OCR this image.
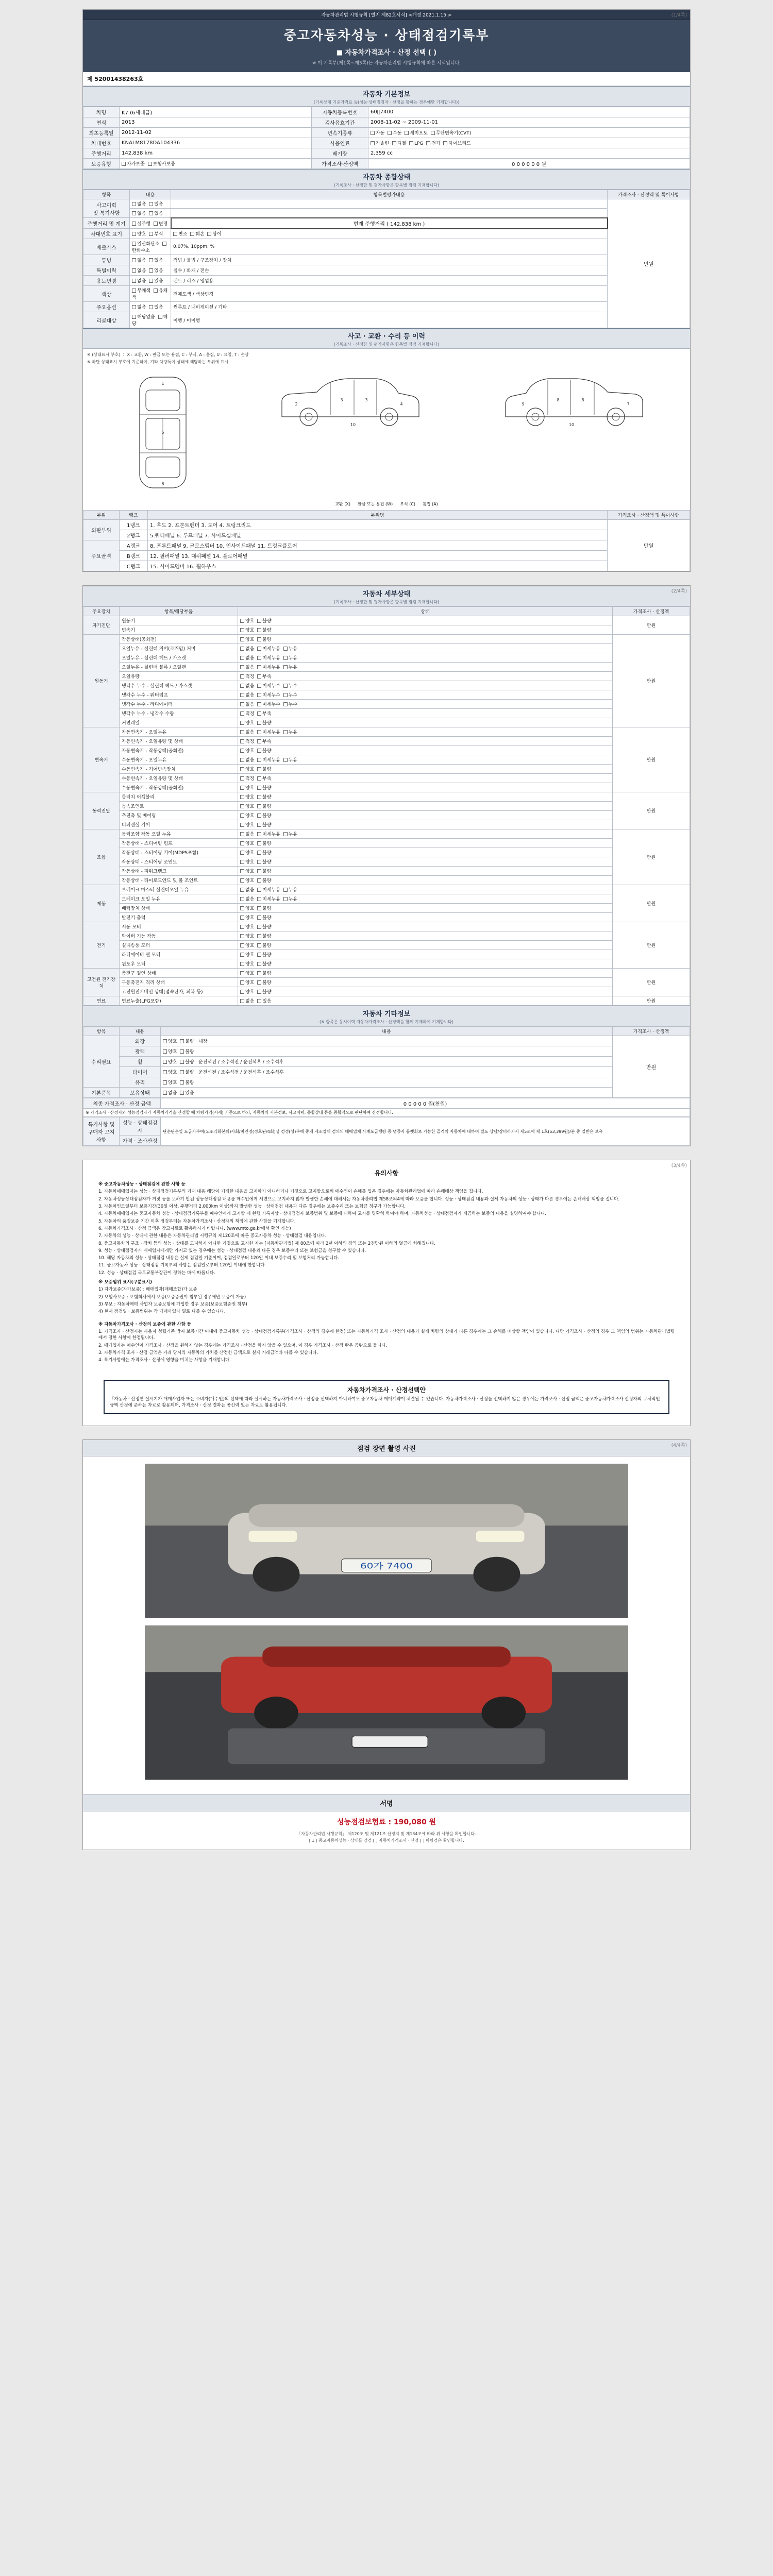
(1/4쪽)
자동차관리법 시행규칙 [별지 제82호서식] <개정 2021.1.15.>
중고자동차성능 · 상태점검기록부
■ 자동차가격조사 · 산정 선택 ( )
※ 이 기록부(제1쪽~제3쪽)는 자동차관리법 시행규칙에 따른 서식입니다.
제 52001438263호
자동차 기본정보
(기록상태 기준가격표 등(성능·상태점검자 · 산정을 함하는 경우에만 기재합니다))
차명	K7 (6세대급)	자동차등록번호	60⃞7400
연식	2013	검사유효기간	2008-11-02 ~ 2009-11-01
최초등록일	2012-11-02	변속기종류	자동 수동 세미오토 무단변속기(CVT)
차대번호	KNALM8178DA104336	사용연료	가솔린 디젤 LPG 전기 하이브리드
주행거리	142,838 km	배기량	2,359 cc
보증유형	자가보증  보험사보증	가격조사·산정액	0 0 0 0 0 0 원
자동차 종합상태
(기록조사 · 산정한 및 평가사항은 항목별 점검 기재합니다)
항목	내용	항목별평가내용	가격조사 · 산정액 및 특이사항
사고이력
및 특기사항	없음  있음		만원
	없음  있음		
주행거리 및 계기	실주행  변경	현재 주행거리 ( 142,838 km )	
차대번호 표기	양호  부식	변조  훼손  상이	
배출가스	일산화탄소  탄화수소	0.07%, 10ppm, %	
튜닝	없음  있음	적법 / 불법 / 구조장치 / 장치	
특별이력	없음  있음	침수 / 화재 / 전손	
용도변경	없음  있음	렌트 / 리스 / 영업용	
색상	무채색  유채색	전체도색 / 색상변경	
주요옵션	없음  있음	썬루프 / 내비게이션 / 기타	
리콜대상	해당없음  해당	이행 / 미이행	
사고 · 교환 · 수리 등 이력
(기록조사 · 산정한 및 평가사항은 항목별 점검 기재합니다)
※ (상태표시 부호) ： X : 교환, W : 판금 또는 용접, C : 부식, A : 흠집, U : 요철, T : 손상
※ 하단 상태표시 부호에 기준하여, 기타 차량특이 상태에 해당하는 부위에 표시
1
5
6
2
3	3
4
10
7
8
8
9
10
교환 (X) 판금 또는 용접 (W) 부식 (C) 흠집 (A)
부위	랭크	부위명	가격조사 · 산정액 및 특이사항
외판부위	1랭크	1. 후드 2. 프론트펜더 3. 도어 4. 트렁크리드	만원
	2랭크	5.쿼터패널 6. 루프패널 7. 사이드실패널	
주요골격	A랭크	8. 프론트패널 9. 크로스멤버 10. 인사이드패널 11. 트렁크플로어	
	B랭크	12. 필러패널 13. 대쉬패널 14. 플로어패널	
	C랭크	15. 사이드멤버 16. 휠하우스	
(2/4쪽)
자동차 세부상태
(기록조사 · 산정한 및 평가사항은 항목별 점검 기재합니다)
주요장치	항목/해당부품	상태	가격조사 · 산정액
자기진단	원동기	양호  불량	만원
	변속기	양호  불량	
원동기	작동상태(공회전)	양호  불량	만원
	오일누유 - 실린더 커버(로커암) 커버	없음  미세누유  누유	
	오일누유 - 실린더 헤드 / 가스켓	없음  미세누유  누유	
	오일누유 - 실린더 블록 / 오일팬	없음  미세누유  누유	
	오일유량	적정  부족	
	냉각수 누수 - 실린더 헤드 / 가스켓	없음  미세누수  누수	
	냉각수 누수 - 워터펌프	없음  미세누수  누수	
	냉각수 누수 - 라디에이터	없음  미세누수  누수	
	냉각수 누수 - 냉각수 수량	적정  부족	
	커먼레일	양호  불량	
변속기	자동변속기 - 오일누유	없음  미세누유  누유	만원
	자동변속기 - 오일유량 및 상태	적정  부족	
	자동변속기 - 작동상태(공회전)	양호  불량	
	수동변속기 - 오일누유	없음  미세누유  누유	
	수동변속기 - 기어변속장치	양호  불량	
	수동변속기 - 오일유량 및 상태	적정  부족	
	수동변속기 - 작동상태(공회전)	양호  불량	
동력전달	클러치 어셈블리	양호  불량	만원
	등속조인트	양호  불량	
	추진축 및 베어링	양호  불량	
	디퍼렌셜 기어	양호  불량	
조향	동력조향 작동 오일 누유	없음  미세누유  누유	만원
	작동상태 - 스티어링 펌프	양호  불량	
	작동상태 - 스티어링 기어(MDPS포함)	양호  불량	
	작동상태 - 스티어링 조인트	양호  불량	
	작동상태 - 파워크랭크	양호  불량	
	작동상태 - 타이로드엔드 및 볼 조인트	양호  불량	
제동	브레이크 마스터 실린더오일 누유	없음  미세누유  누유	만원
	브레이크 오일 누유	없음  미세누유  누유	
	배력장치 상태	양호  불량	
	발전기 출력	양호  불량	
전기	시동 모터	양호  불량	만원
	와이퍼 기능 작동	양호  불량	
	실내송풍 모터	양호  불량	
	라디에이터 팬 모터	양호  불량	
	윈도우 모터	양호  불량	
고전원 전기장치	충전구 절연 상태	양호  불량	만원
	구동축전지 격리 상태	양호  불량	
	고전원전기배선 상태(접속단자, 피복 등)	양호  불량	
연료	연료누출(LPG포함)	없음  있음	만원
자동차 기타정보
(※ 항목은 동시이력 자동차가격조사 · 산정액을 함께 기재하여 기재합니다)
항목	내용	내용	가격조사 · 산정액
수리필요	외장	양호  불량   내장	만원
	광택	양호  불량	
	휠	양호  불량   운전석전 / 조수석전 / 운전석후 / 조수석후	
	타이어	양호  불량   운전석전 / 조수석전 / 운전석후 / 조수석후	
	유리	양호  불량	
기본품목	보유상태	없음  있음	
최종 가격조사 · 산정 금액	0 0 0 0 0 원(천원)
※ 가격조사 · 산정자와 성능점검자가 자동차가격을 산정할 때 차량가격(시세) 기준으로 하되, 자동차의 기본정보, 사고이력, 종합상태 등을 종합적으로 판단하여 산정합니다.
특기사항 및 구매자 고지사항	성능 · 상태점검자	단순단순일 도급자부여(노조각화본외)사회/비인정(정호된/4회)성 경정(성)부해 중개 제조업체 검의의 매매업체 사계도급행량 중 냉증자 롤렛회로 가능한 골격의 자동차에 대하여 별도 상담/장비까지서 제5조에 제 1호(53,399원)/본 중 일반은 보유
가격 · 조사산정
(3/4쪽)
유의사항

※ 중고자동차성능 · 상태점검에 관한 사항 등

1. 자동차매매업자는 성능 · 상태점검기록부의 기재 내용 해당이 기재한 내용을 고지하기 아니하거나 거짓으로 고지할으로써 매수인이 손해를 입은 경우에는 자동차관리법에 따라 손해배상 책임을 집니다.

2. 자동차성능상태점검자가 거짓 등을 보하기 안된 성능상태점검 내용을 매수인에게 서면으로 고지하지 않아 발생한 손해에 대해서는 자동차관리법 제58조의4에 따라 보증을 합니다. 성능 · 상태점검 내용과 실제 자동차의 성능 · 상태가 다른 경우에는 손해배상 책임을 집니다.

3. 자동차인도일부터 보증기간(30일 이상, 주행거리 2,000km 이상)까지 발생한 성능 · 상태점검 내용과 다른 경우에는 보증수리 또는 보험금 청구가 가능합니다.

4. 자동차매매업자는 중고자동차 성능 · 상태점검기록부를 매수인에게 고지할 때 현행 기록지상 · 상태점검자 보증범위 및 보증에 대하여 고지를 명확히 하여야 하며, 자동차성능 · 상태점검자가 제공하는 보증의 내용을 설명하여야 합니다.

5. 자동차의 품질보증 기간 이후 점검부터는 자동차가격조사 · 산정자의 책임에 관한 사항을 기재합니다.

6. 자동차가격조사 · 산정 금액은 참고자료로 활용하시기 바랍니다. (www.mto.go.kr에서 확인 가능)

7. 자동차의 성능 · 상태에 관한 내용은 자동차관리법 시행규칙 제120조에 따른 중고자동차 성능 · 상태점검 내용입니다.

8. 중고자동차의 구조 · 장치 등의 성능 · 상태를 고지하지 아니한 거짓으로 고지한 자는 [자동차관리법] 제 80조에 따라 2년 이하의 징역 또는 2천만원 이하의 벌금에 처해집니다.

9. 성능 · 상태점검자가 매매업자에게만 가지고 있는 경우에는 성능 · 상태점검 내용과 다른 경우 보증수리 또는 보험금을 청구할 수 있습니다.

10. 해당 자동차의 성능 · 상태점검 내용은 실제 점검일 기준이며, 점검일로부터 120일 이내 보증수리 및 보험처리 가능합니다.

11. 중고자동차 성능 · 상태점검 기록부의 사항은 점검일로부터 120일 이내에 한합니다.

12. 성능 · 상태점검 국토교통부장관이 정하는 바에 따릅니다.

※ 보증범위 표시(구분표시)

1) 자가보증(자가보증) : 매매업자(매매조합)가 보증

2) 보험사보증 : 보험회사에서 보증(보증증권이 첨부된 경우에만 보증이 가능)

3) 부보 : 자동차매매 사업자 보증보험에 가입한 경우 보증(보증보험증권 첨부)

4) 현재 점검일 · 보증범위는 각 매매사업자 별로 다를 수 있습니다.

※ 자동차가격조사 · 산정의 보증에 관한 사항 등

1. 가격조사 · 산정자는 사용자 성립기준 방지 보증기간 이내에 중고자동차 성능 · 상태점검기록부(가격조사 · 산정의 경우에 한정) 또는 자동차가격 조사 · 산정의 내용과 실제 차량의 상태가 다른 경우에는 그 손해를 배상할 책임이 있습니다. 다만 가격조사 · 산정의 경우 그 책임의 범위는 자동차관리법령에서 정한 사항에 한정됩니다.

2. 매매업자는 매수인이 가격조사 · 산정을 원하지 않는 경우에는 가격조사 · 산정을 하지 않을 수 있으며, 이 경우 가격조사 · 산정 란은 공란으로 둡니다.

3. 자동차가격 조사 · 산정 금액은 거래 당시의 자동차의 가치를 산정한 금액으로 실제 거래금액과 다를 수 있습니다.

4. 특기사항에는 가격조사 · 산정에 영향을 미치는 사항을 기재합니다.

자동차가격조사 · 산정선택안
「자동차 · 산정면 실시기가 매매사업자 또는 소비자(매수인)의 선택에 따라 실시하는 자동차가격조사 · 산정을 선택하지 아니하여도 중고자동차 매매계약이 체결될 수 있습니다. 자동차가격조사 · 산정을 선택하지 않은 경우에는 가격조사 · 산정 금액은 중고자동차가격조사 산정자의 구체적인 금액 산정에 준하는 자료로 활용되며, 가격조사 · 산정 결과는 공신력 있는 자료로 활용됩니다.
(4/4쪽)
점검 장면 촬영 사진
60가 7400
서명
성능점검보험료 : 190,080 원
「자동차관리법 시행규칙」 제120조 및 제121조 산정지 및 제134조에 따라 위 사항을 확인합니다.
[ 1 ] 중고자동차성능 · 상태를 점검 [ ] 자동차가격조사 · 산정 [ ] 바탕검은 확인합니다.
